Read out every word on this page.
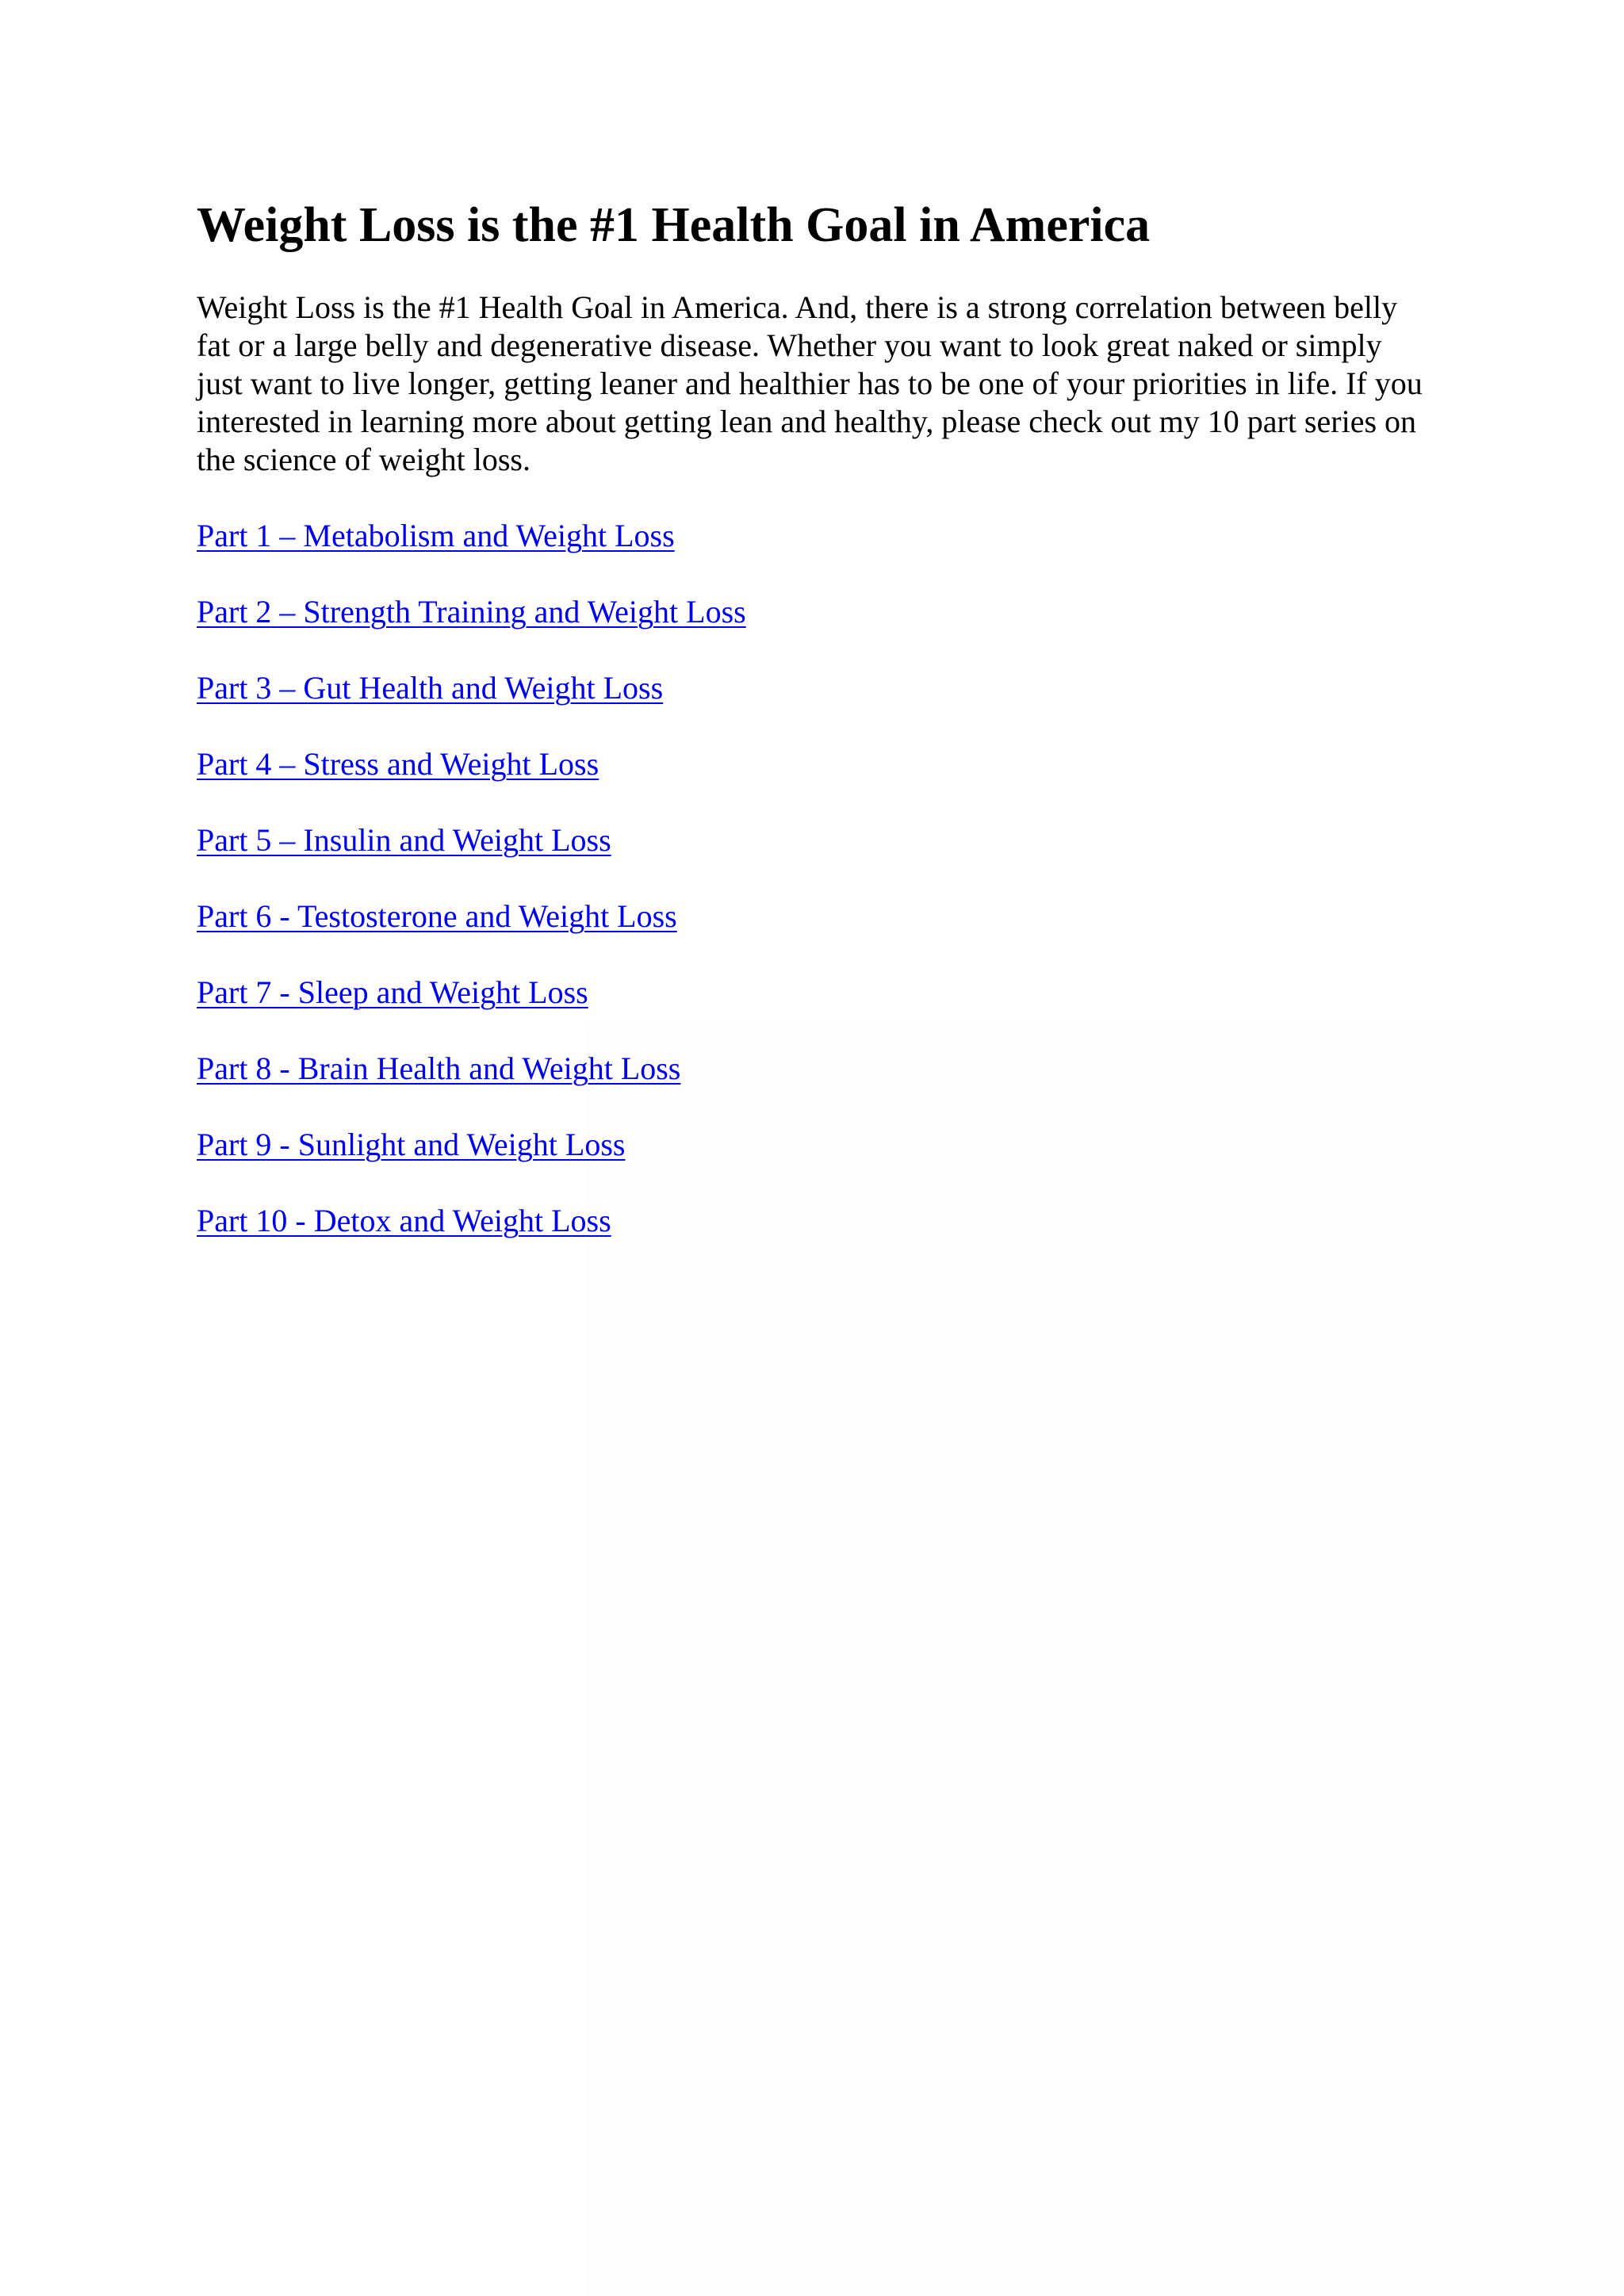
Weight Loss is the #1 Health Goal in America

Weight Loss is the #1 Health Goal in America. And, there is a strong correlation between belly fat or a large belly and degenerative disease. Whether you want to look great naked or simply just want to live longer, getting leaner and healthier has to be one of your priorities in life. If you interested in learning more about getting lean and healthy, please check out my 10 part series on the science of weight loss.

Part 1 – Metabolism and Weight Loss
Part 2 – Strength Training and Weight Loss
Part 3 – Gut Health and Weight Loss
Part 4 – Stress and Weight Loss
Part 5 – Insulin and Weight Loss
Part 6 - Testosterone and Weight Loss
Part 7 - Sleep and Weight Loss
Part 8 - Brain Health and Weight Loss
Part 9 - Sunlight and Weight Loss
Part 10 - Detox and Weight Loss
